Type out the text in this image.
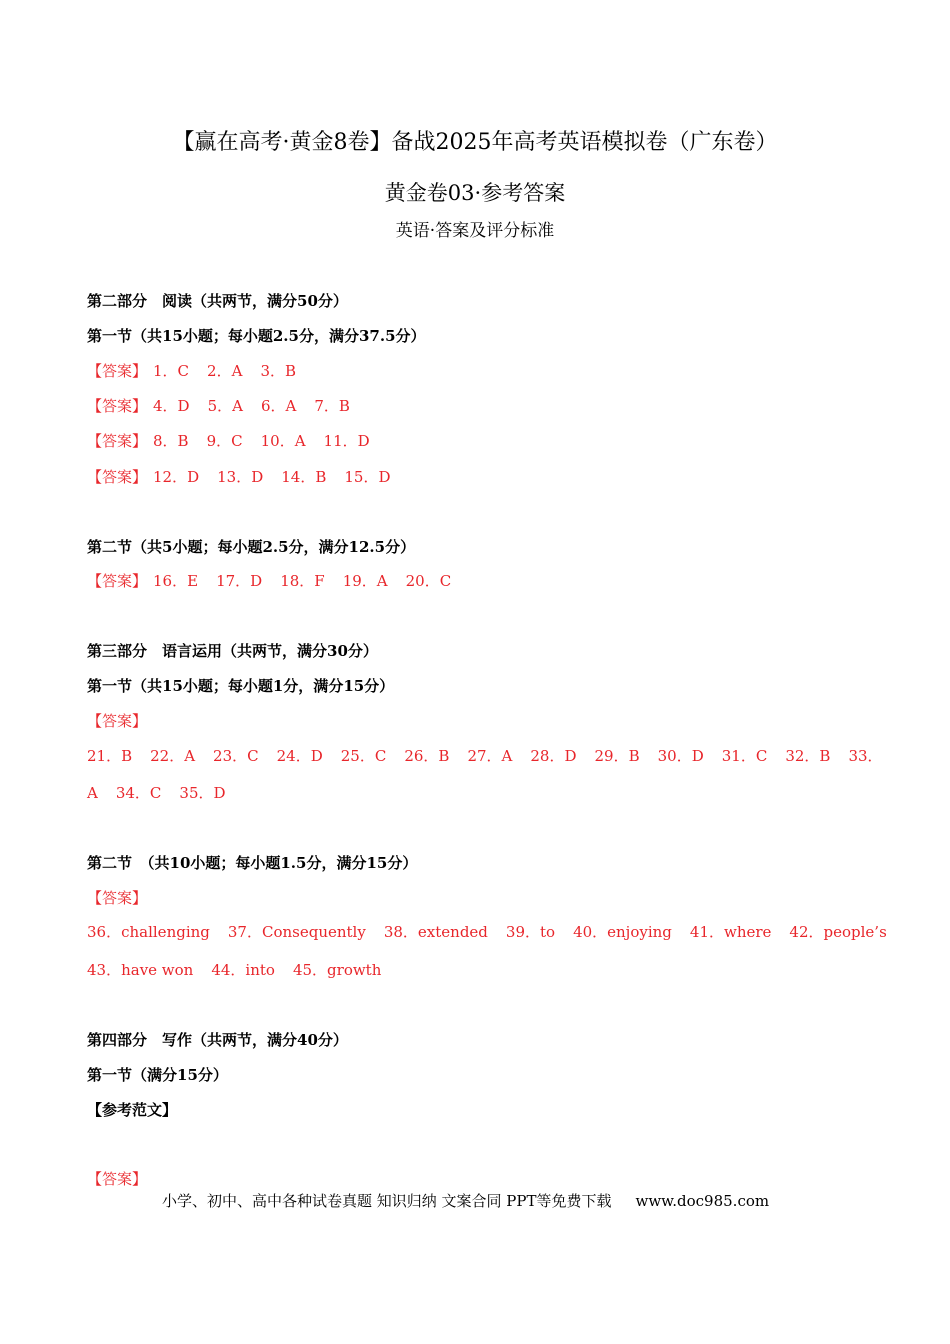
【赢在高考·黄金8卷】备战2025年高考英语模拟卷（广东卷）
黄金卷03·参考答案
英语·答案及评分标准
第二部分　阅读（共两节，满分50分）
第一节（共15小题；每小题2.5分，满分37.5分）
【答案】 1．C 2．A 3．B
【答案】 4．D 5．A 6．A 7．B
【答案】 8．B 9．C 10．A 11．D
【答案】 12．D 13．D 14．B 15．D
第二节（共5小题；每小题2.5分，满分12.5分）
【答案】 16．E 17．D 18．F 19．A 20．C
第三部分　语言运用（共两节，满分30分）
第一节（共15小题；每小题1分，满分15分）
【答案】
21．B 22．A 23．C 24．D 25．C 26．B 27．A 28．D 29．B 30．D 31．C 32．B 33．
A 34．C 35．D
第二节　（共10小题；每小题1.5分，满分15分）
【答案】
36．challenging 37．Consequently 38．extended 39．to 40．enjoying 41．where 42．people’s
43．have won 44．into 45．growth
第四部分　写作（共两节，满分40分）
第一节（满分15分）
【参考范文】
【答案】
小学、初中、高中各种试卷真题 知识归纳 文案合同 PPT等免费下载 www.doc985.com
